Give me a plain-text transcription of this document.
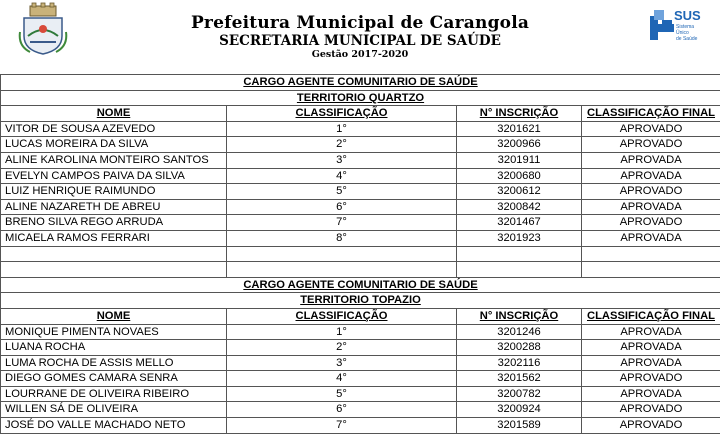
Prefeitura Municipal de Carangola
SECRETARIA MUNICIPAL DE SAÚDE
Gestão 2017-2020
SUS
Sistema
Único
de Saúde
CARGO AGENTE COMUNITARIO DE SAÚDE			
TERRITORIO QUARTZO			
NOME	CLASSIFICAÇÃO	N° INSCRIÇÃO	CLASSIFICAÇÃO FINAL
VITOR DE SOUSA AZEVEDO	1°	3201621	APROVADO
LUCAS MOREIRA DA SILVA	2°	3200966	APROVADO
ALINE KAROLINA MONTEIRO SANTOS	3°	3201911	APROVADA
EVELYN CAMPOS PAIVA DA SILVA	4°	3200680	APROVADA
LUIZ HENRIQUE RAIMUNDO	5°	3200612	APROVADO
ALINE NAZARETH DE ABREU	6°	3200842	APROVADA
BRENO SILVA REGO ARRUDA	7°	3201467	APROVADO
MICAELA RAMOS FERRARI	8°	3201923	APROVADA

CARGO AGENTE COMUNITARIO DE SAÚDE			
TERRITORIO TOPAZIO			
NOME	CLASSIFICAÇÃO	N° INSCRIÇÃO	CLASSIFICAÇÃO FINAL
MONIQUE PIMENTA NOVAES	1°	3201246	APROVADA
LUANA ROCHA	2°	3200288	APROVADA
LUMA ROCHA DE ASSIS MELLO	3°	3202116	APROVADA
DIEGO GOMES CAMARA SENRA	4°	3201562	APROVADO
LOURRANE DE OLIVEIRA RIBEIRO	5°	3200782	APROVADA
WILLEN SÁ DE OLIVEIRA	6°	3200924	APROVADO
JOSÉ DO VALLE MACHADO NETO	7°	3201589	APROVADO
